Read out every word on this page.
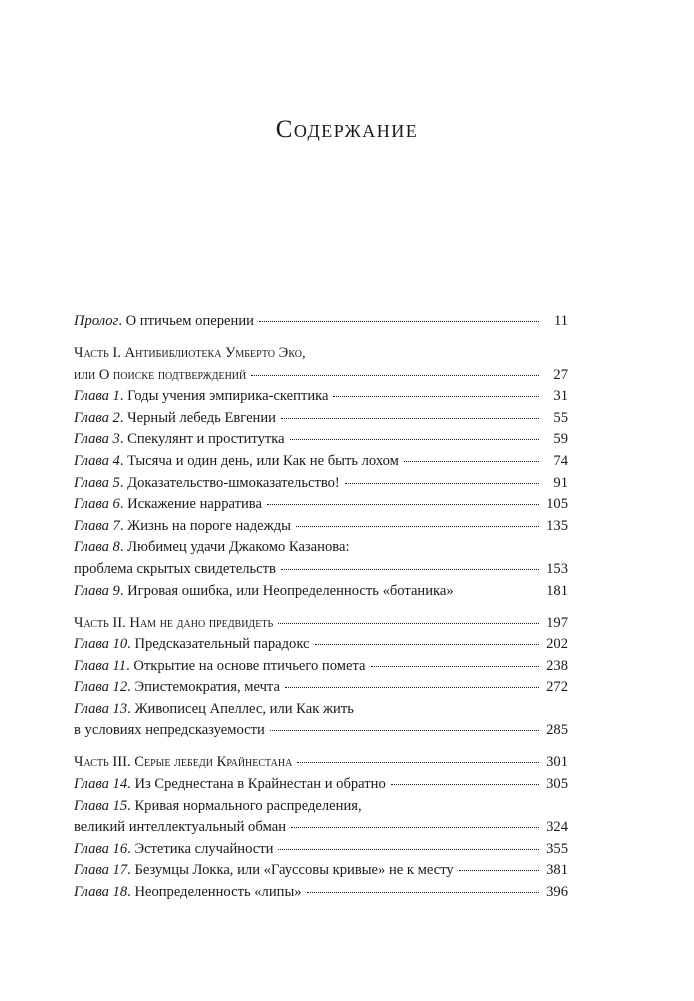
Содержание
Пролог. О птичьем оперении	11
Часть I. Антибиблиотека Умберто Эко,
или О поиске подтверждений	27
Глава 1. Годы учения эмпирика-скептика	31
Глава 2. Черный лебедь Евгении	55
Глава 3. Спекулянт и проститутка	59
Глава 4. Тысяча и один день, или Как не быть лохом	74
Глава 5. Доказательство-шмоказательство!	91
Глава 6. Искажение нарратива	105
Глава 7. Жизнь на пороге надежды	135
Глава 8. Любимец удачи Джакомо Казанова:
проблема скрытых свидетельств	153
Глава 9. Игровая ошибка, или Неопределенность «ботаника»	181
Часть II. Нам не дано предвидеть	197
Глава 10. Предсказательный парадокс	202
Глава 11. Открытие на основе птичьего помета	238
Глава 12. Эпистемократия, мечта	272
Глава 13. Живописец Апеллес, или Как жить
в условиях непредсказуемости	285
Часть III. Серые лебеди Крайнестана	301
Глава 14. Из Среднестана в Крайнестан и обратно	305
Глава 15. Кривая нормального распределения,
великий интеллектуальный обман	324
Глава 16. Эстетика случайности	355
Глава 17. Безумцы Локка, или «Гауссовы кривые» не к месту	381
Глава 18. Неопределенность «липы»	396
